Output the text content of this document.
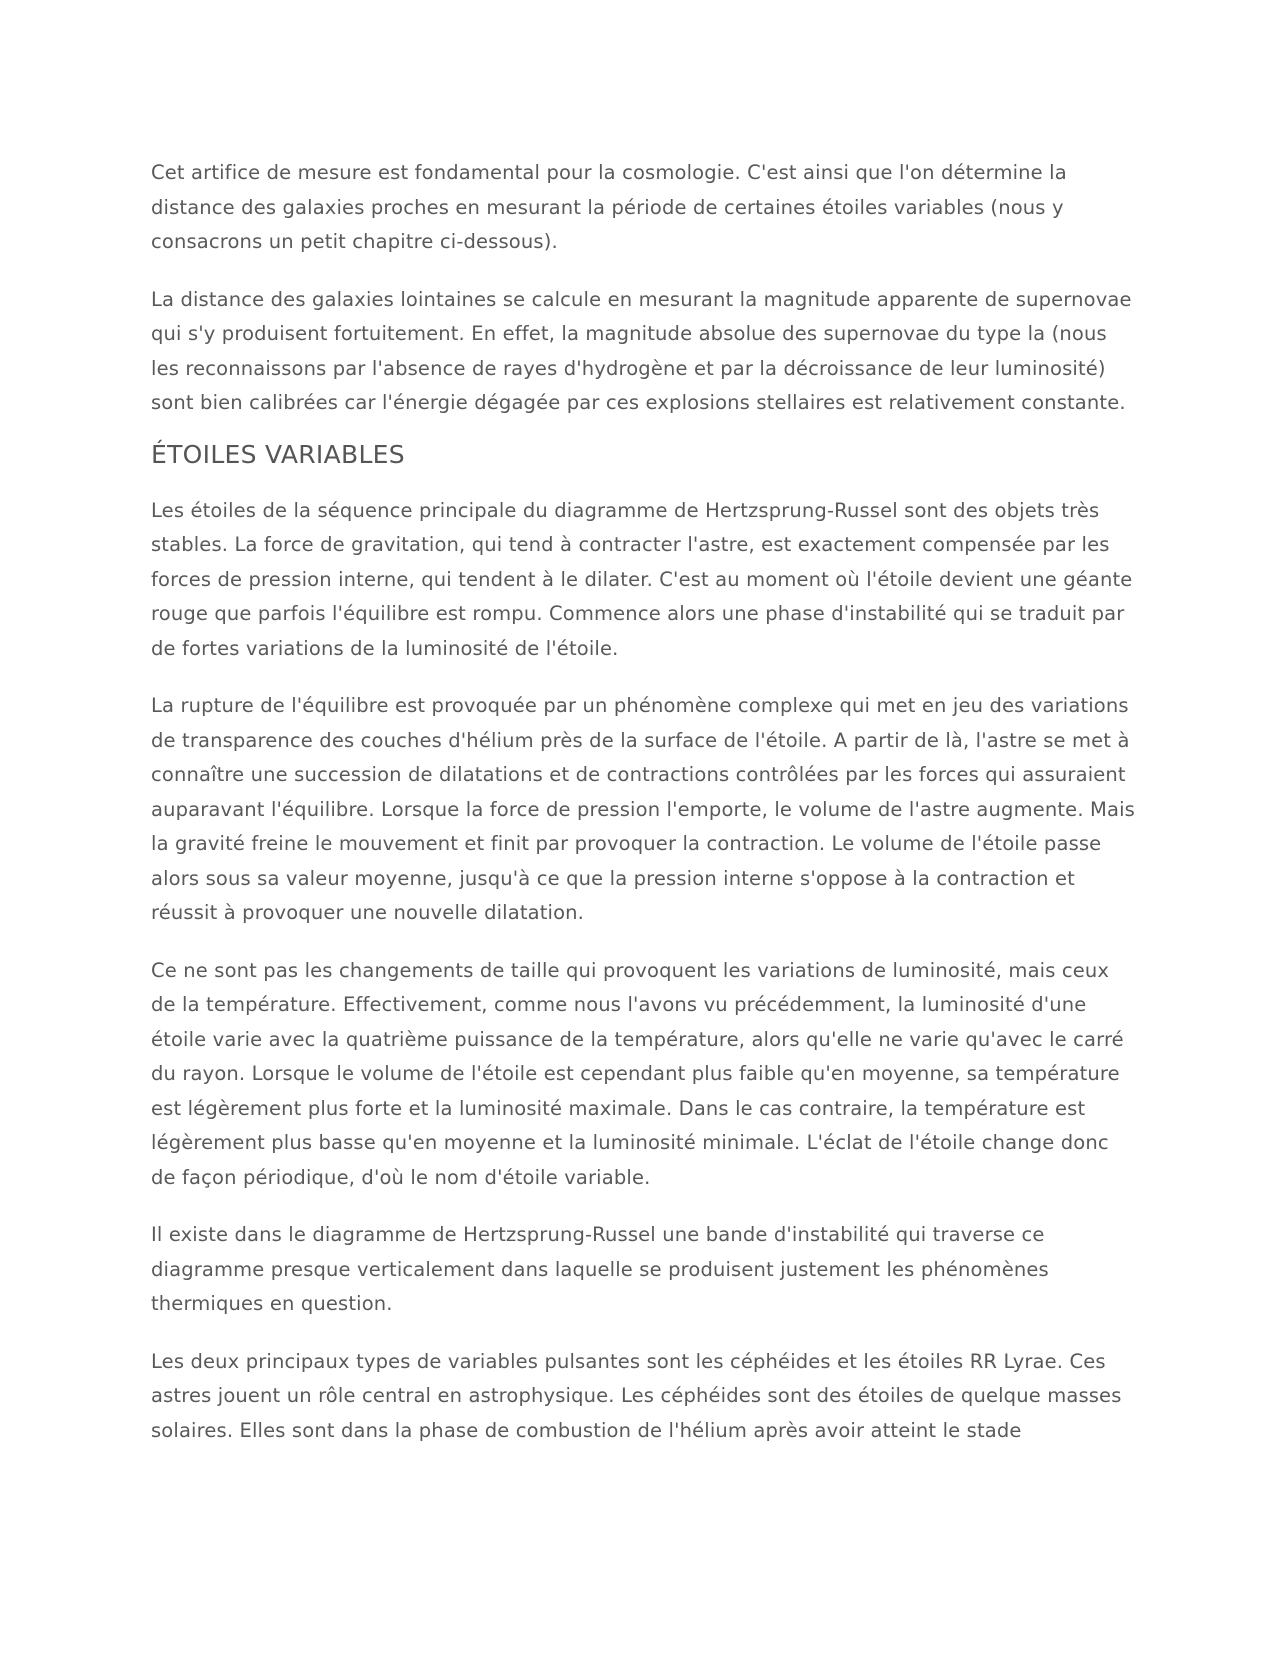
Cet artifice de mesure est fondamental pour la cosmologie. C'est ainsi que l'on détermine la distance des galaxies proches en mesurant la période de certaines étoiles variables (nous y consacrons un petit chapitre ci-dessous).

La distance des galaxies lointaines se calcule en mesurant la magnitude apparente de supernovae qui s'y produisent fortuitement. En effet, la magnitude absolue des supernovae du type la (nous les reconnaissons par l'absence de rayes d'hydrogène et par la décroissance de leur luminosité) sont bien calibrées car l'énergie dégagée par ces explosions stellaires est relativement constante.

ÉTOILES VARIABLES

Les étoiles de la séquence principale du diagramme de Hertzsprung-Russel sont des objets très stables. La force de gravitation, qui tend à contracter l'astre, est exactement compensée par les forces de pression interne, qui tendent à le dilater. C'est au moment où l'étoile devient une géante rouge que parfois l'équilibre est rompu. Commence alors une phase d'instabilité qui se traduit par de fortes variations de la luminosité de l'étoile.

La rupture de l'équilibre est provoquée par un phénomène complexe qui met en jeu des variations de transparence des couches d'hélium près de la surface de l'étoile. A partir de là, l'astre se met à connaître une succession de dilatations et de contractions contrôlées par les forces qui assuraient auparavant l'équilibre. Lorsque la force de pression l'emporte, le volume de l'astre augmente. Mais la gravité freine le mouvement et finit par provoquer la contraction. Le volume de l'étoile passe alors sous sa valeur moyenne, jusqu'à ce que la pression interne s'oppose à la contraction et réussit à provoquer une nouvelle dilatation.

Ce ne sont pas les changements de taille qui provoquent les variations de luminosité, mais ceux de la température. Effectivement, comme nous l'avons vu précédemment, la luminosité d'une étoile varie avec la quatrième puissance de la température, alors qu'elle ne varie qu'avec le carré du rayon. Lorsque le volume de l'étoile est cependant plus faible qu'en moyenne, sa température est légèrement plus forte et la luminosité maximale. Dans le cas contraire, la température est légèrement plus basse qu'en moyenne et la luminosité minimale. L'éclat de l'étoile change donc de façon périodique, d'où le nom d'étoile variable.

Il existe dans le diagramme de Hertzsprung-Russel une bande d'instabilité qui traverse ce diagramme presque verticalement dans laquelle se produisent justement les phénomènes thermiques en question.

Les deux principaux types de variables pulsantes sont les céphéides et les étoiles RR Lyrae. Ces astres jouent un rôle central en astrophysique. Les céphéides sont des étoiles de quelque masses solaires. Elles sont dans la phase de combustion de l'hélium après avoir atteint le stade
